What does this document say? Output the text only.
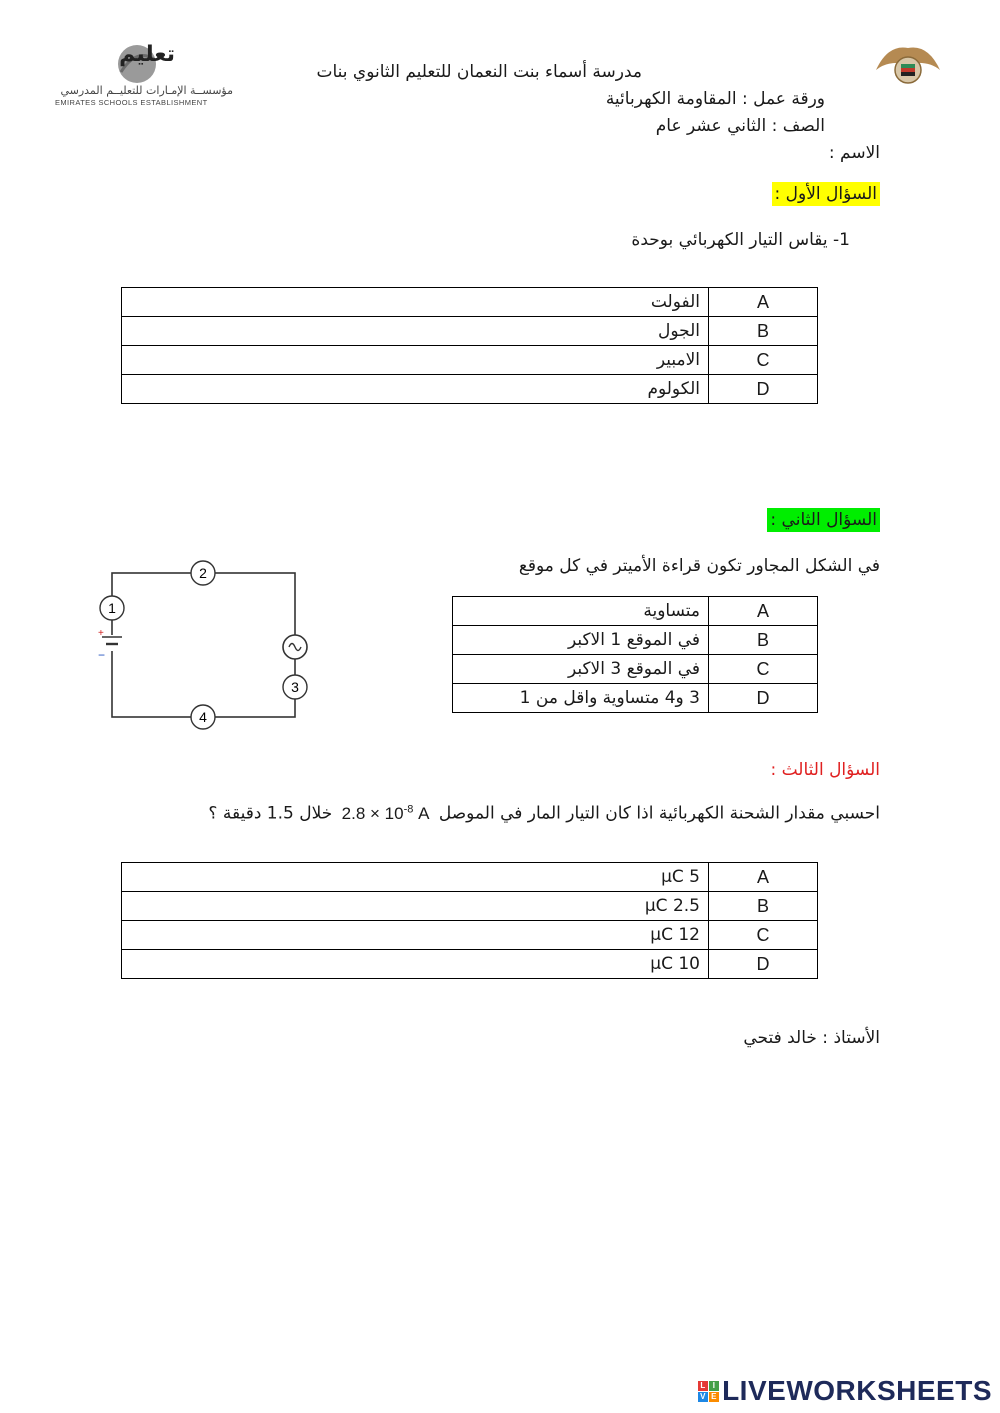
تعليم
مؤسســة الإمـارات للتعليــم المدرسي
EMIRATES SCHOOLS ESTABLISHMENT
مدرسة أسماء بنت النعمان للتعليم الثانوي بنات
ورقة عمل : المقاومة الكهربائية
الصف : الثاني عشر عام
الاسم :
السؤال الأول :
1- يقاس التيار الكهربائي بوحدة
الفولت	A
الجول	B
الامبير	C
الكولوم	D
السؤال الثاني :
في الشكل المجاور تكون قراءة الأميتر في كل موقع
+
−
1
2
3
4
متساوية	A
في الموقع 1 الاكبر	B
في الموقع 3 الاكبر	C
3 و4 متساوية واقل من 1	D
السؤال الثالث :
احسبي مقدار الشحنة الكهربائية اذا كان التيار المار في الموصل $2.8 \times 10^{-8}$ A خلال 1.5 دقيقة ؟
5 µC	A
2.5 µC	B
12 µC	C
10 µC	D
الأستاذ : خالد فتحي
L I
V E LIVEWORKSHEETS
